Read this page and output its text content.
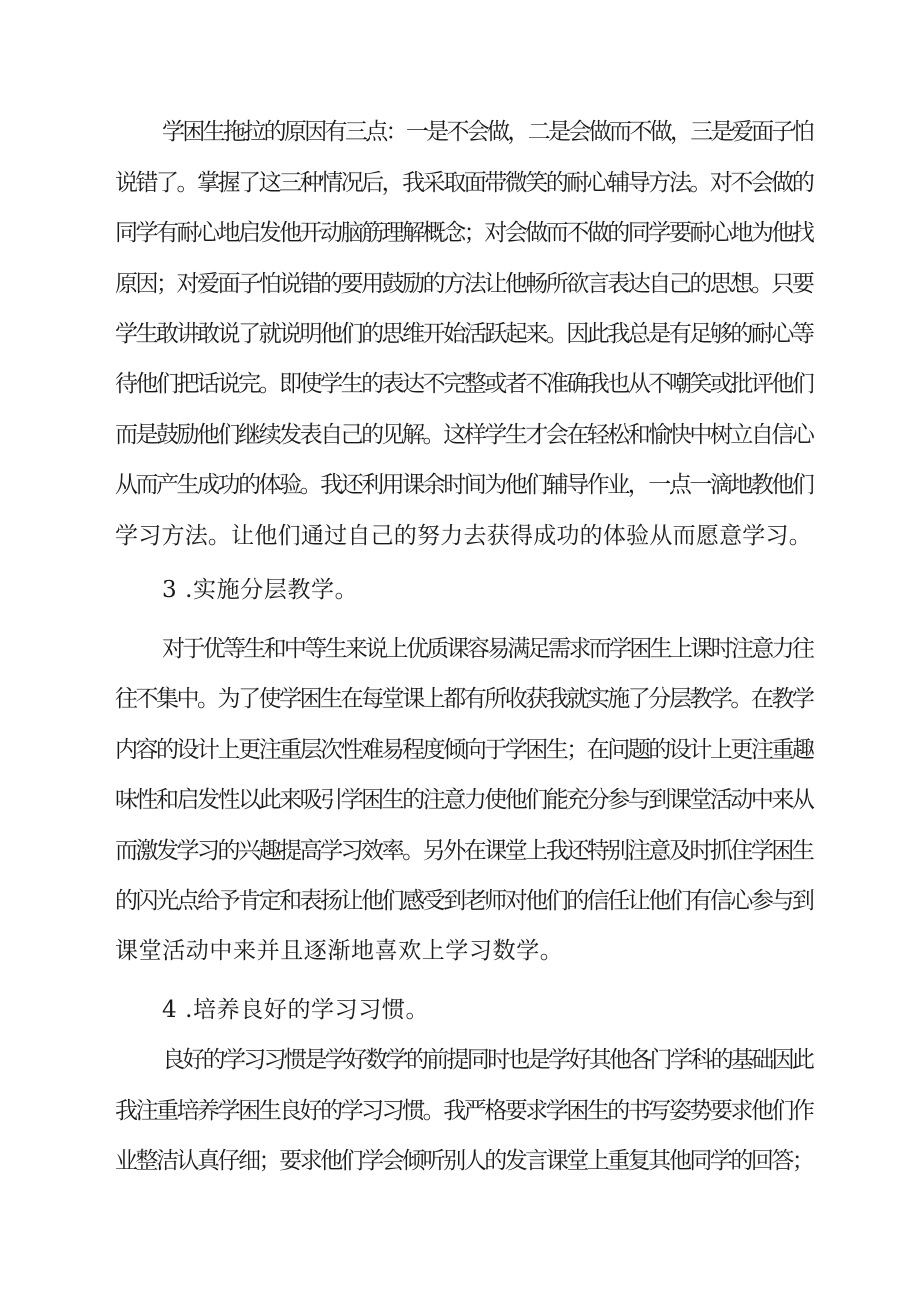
学困生拖拉的原因有三点：一是不会做，二是会做而不做，三是爱面子怕
说错了。掌握了这三种情况后，我采取面带微笑的耐心辅导方法。对不会做的
同学有耐心地启发他开动脑筋理解概念；对会做而不做的同学要耐心地为他找
原因；对爱面子怕说错的要用鼓励的方法让他畅所欲言表达自己的思想。只要
学生敢讲敢说了就说明他们的思维开始活跃起来。因此我总是有足够的耐心等
待他们把话说完。即使学生的表达不完整或者不准确我也从不嘲笑或批评他们
而是鼓励他们继续发表自己的见解。这样学生才会在轻松和愉快中树立自信心
从而产生成功的体验。我还利用课余时间为他们辅导作业，一点一滴地教他们
学习方法。让他们通过自己的努力去获得成功的体验从而愿意学习。
3 .实施分层教学。
对于优等生和中等生来说上优质课容易满足需求而学困生上课时注意力往
往不集中。为了使学困生在每堂课上都有所收获我就实施了分层教学。在教学
内容的设计上更注重层次性难易程度倾向于学困生；在问题的设计上更注重趣
味性和启发性以此来吸引学困生的注意力使他们能充分参与到课堂活动中来从
而激发学习的兴趣提高学习效率。另外在课堂上我还特别注意及时抓住学困生
的闪光点给予肯定和表扬让他们感受到老师对他们的信任让他们有信心参与到
课堂活动中来并且逐渐地喜欢上学习数学。
4 .培养良好的学习习惯。
良好的学习习惯是学好数学的前提同时也是学好其他各门学科的基础因此
我注重培养学困生良好的学习习惯。我严格要求学困生的书写姿势要求他们作
业整洁认真仔细；要求他们学会倾听别人的发言课堂上重复其他同学的回答；
